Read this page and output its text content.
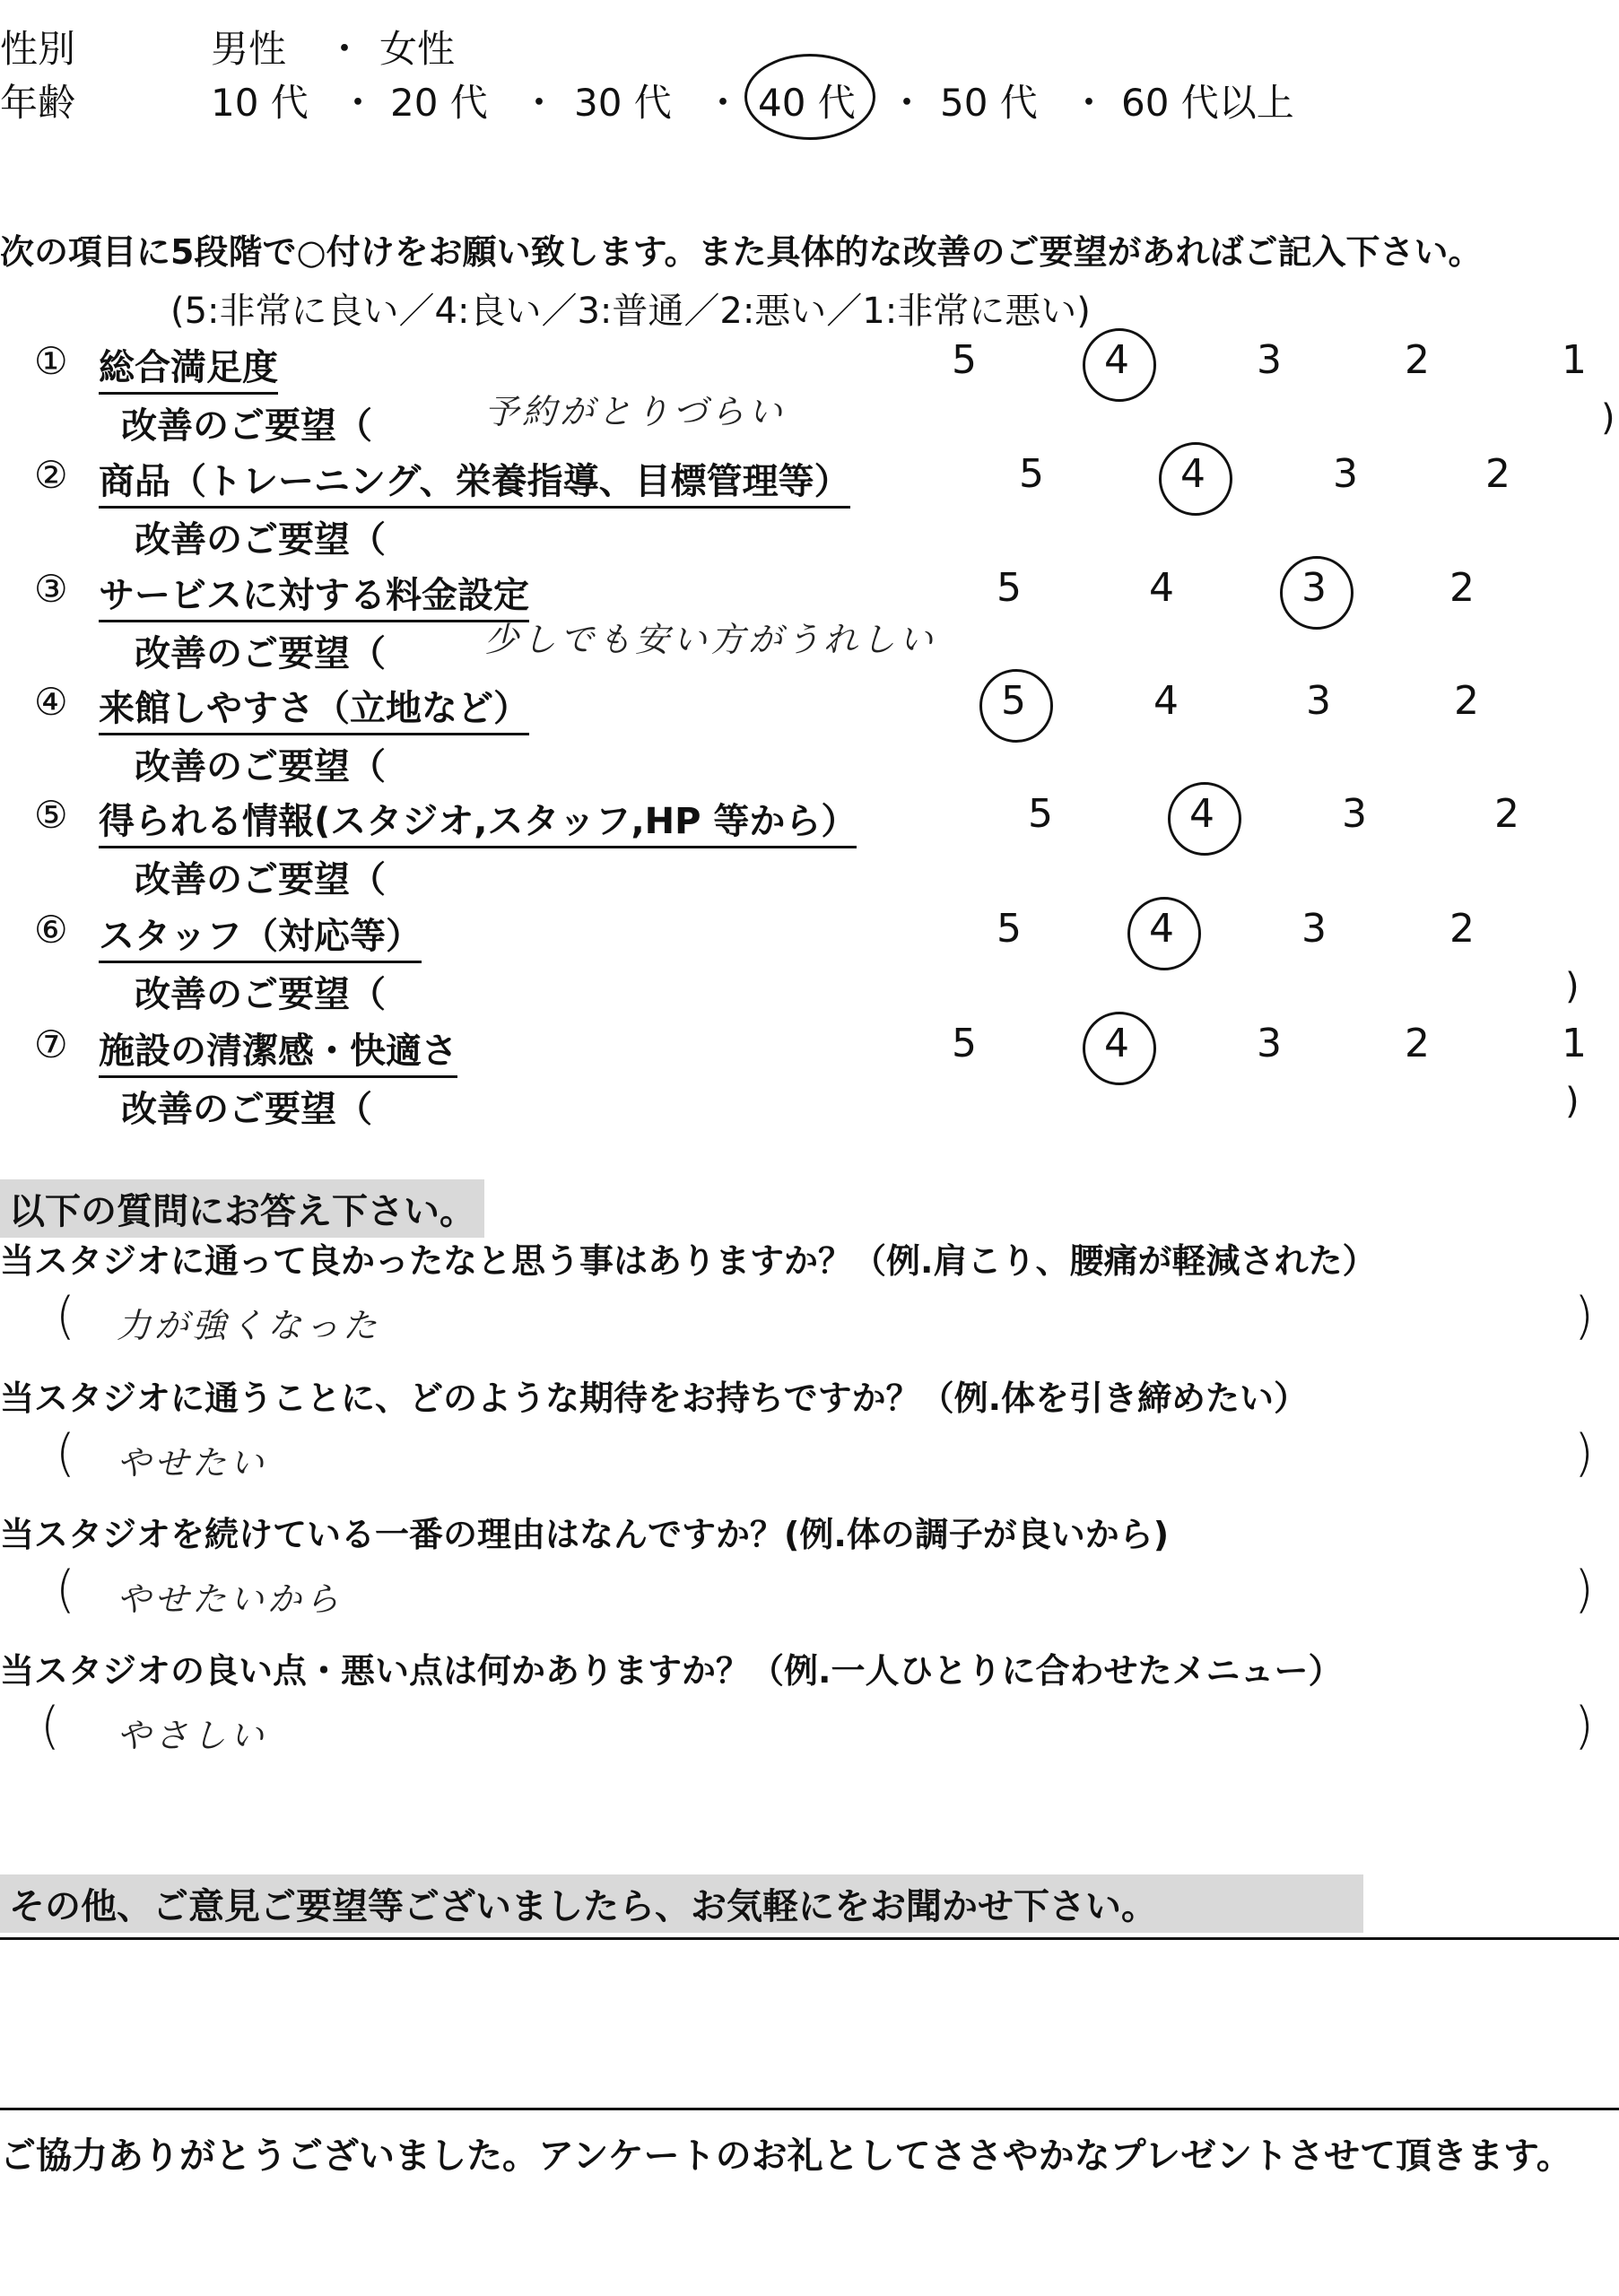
性別	男性 ・ 女性
年齢	10 代 ・ 20 代 ・ 30 代 ・ 40 代 ・ 50 代 ・ 60 代以上
次の項目に5段階で○付けをお願い致します。また具体的な改善のご要望があればご記入下さい。
(5:非常に良い／4:良い／3:普通／2:悪い／1:非常に悪い)
① 総合満足度	5	4	3	2	1
改善のご要望（	予約がとりづらい	)
② 商品（トレーニング、栄養指導、目標管理等）	5	4	3	2
改善のご要望（
③ サービスに対する料金設定	5	4	3	2
改善のご要望（	少しでも安い方がうれしい
④ 来館しやすさ（立地など）	5	4	3	2
改善のご要望（
⑤ 得られる情報(スタジオ,スタッフ,HP 等から）	5	4	3	2
改善のご要望（
⑥ スタッフ（対応等）	5	4	3	2
改善のご要望（	)
⑦ 施設の清潔感・快適さ	5	4	3	2	1
改善のご要望（	)
以下の質問にお答え下さい。
当スタジオに通って良かったなと思う事はありますか？（例.肩こり、腰痛が軽減された）
( 力が強くなった	)
当スタジオに通うことに、どのような期待をお持ちですか？（例.体を引き締めたい）
( やせたい	)
当スタジオを続けている一番の理由はなんですか？(例.体の調子が良いから)
( やせたいから	)
当スタジオの良い点・悪い点は何かありますか？（例.一人ひとりに合わせたメニュー）
( やさしい	)
その他、ご意見ご要望等ございましたら、お気軽にをお聞かせ下さい。
ご協力ありがとうございました。アンケートのお礼としてささやかなプレゼントさせて頂きます。
